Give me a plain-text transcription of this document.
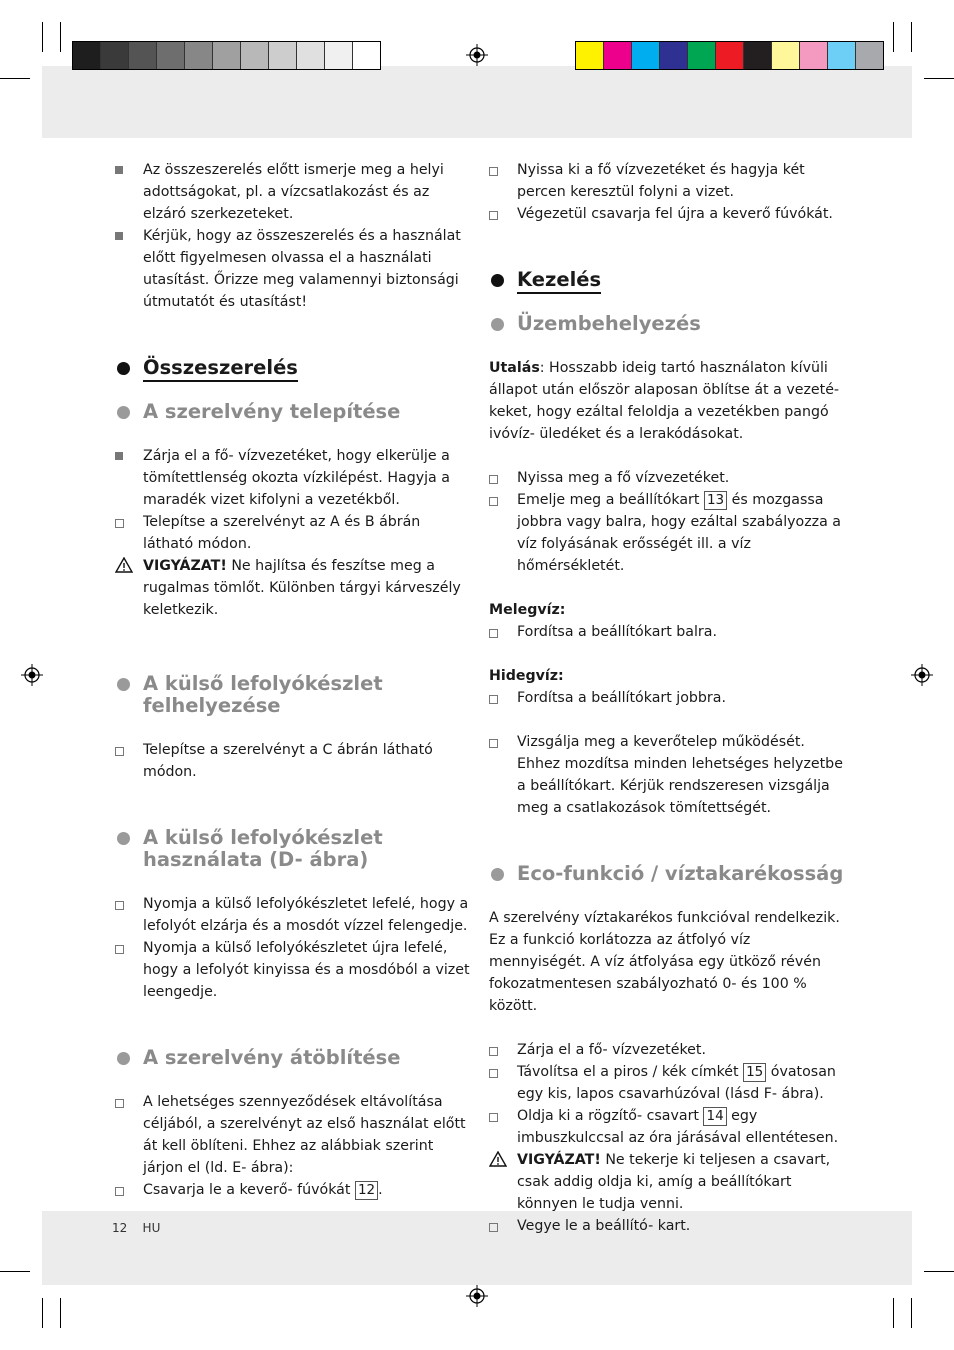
Az összeszerelés előtt ismerje meg a helyi adottságokat, pl. a vízcsatlakozást és az elzáró szerkezeteket.
Kérjük, hogy az összeszerelés és a használat előtt figyelmesen olvassa el a használati utasítást. Őrizze meg valamennyi biztonsági útmutatót és utasítást!
Összeszerelés
A szerelvény telepítése
Zárja el a fő- vízvezetéket, hogy elkerülje a tömítettlenség okozta vízkilépést. Hagyja a maradék vizet kifolyni a vezetékből.
Telepítse a szerelvényt az A és B ábrán látható módon.
VIGYÁZAT! Ne hajlítsa és feszítse meg a rugalmas tömlőt. Különben tárgyi kárveszély keletkezik.
A külső lefolyókészlet felhelyezése
Telepítse a szerelvényt a C ábrán látható módon.
A külső lefolyókészlet használata (D- ábra)
Nyomja a külső lefolyókészletet lefelé, hogy a lefolyót elzárja és a mosdót vízzel felengedje.
Nyomja a külső lefolyókészletet újra lefelé, hogy a lefolyót kinyissa és a mosdóból a vizet leengedje.
A szerelvény átöblítése
A lehetséges szennyeződések eltávolítása céljából, a szerelvényt az első használat előtt át kell öblíteni. Ehhez az alábbiak szerint járjon el (ld. E- ábra):
Csavarja le a keverő- fúvókát 12 .
Nyissa ki a fő vízvezetéket és hagyja két percen keresztül folyni a vizet.
Végezetül csavarja fel újra a keverő fúvókát.
Kezelés
Üzembehelyezés

Utalás: Hosszabb ideig tartó használaton kívüli állapot után először alaposan öblítse át a vezeté-keket, hogy ezáltal feloldja a vezetékben pangó ivóvíz- üledéket és a lerakódásokat.

Nyissa meg a fő vízvezetéket.
Emelje meg a beállítókart 13 és mozgassa jobbra vagy balra, hogy ezáltal szabályozza a víz folyásának erősségét ill. a víz hőmérsékletét.

Melegvíz:

Fordítsa a beállítókart balra.

Hidegvíz:

Fordítsa a beállítókart jobbra.
Vizsgálja meg a keverőtelep működését. Ehhez mozdítsa minden lehetséges helyzetbe a beállítókart. Kérjük rendszeresen vizsgálja meg a csatlakozások tömítettségét.
Eco-funkció / víztakarékosság

A szerelvény víztakarékos funkcióval rendelkezik. Ez a funkció korlátozza az átfolyó víz mennyiségét. A víz átfolyása egy ütköző révén fokozatmentesen szabályozható 0- és 100 % között.

Zárja el a fő- vízvezetéket.
Távolítsa el a piros / kék címkét 15 óvatosan egy kis, lapos csavarhúzóval (lásd F- ábra).
Oldja ki a rögzítő- csavart 14 egy imbuszkulccsal az óra járásával ellentétesen.
VIGYÁZAT! Ne tekerje ki teljesen a csavart, csak addig oldja ki, amíg a beállítókart könnyen le tudja venni.
Vegye le a beállító- kart.
12 HU
